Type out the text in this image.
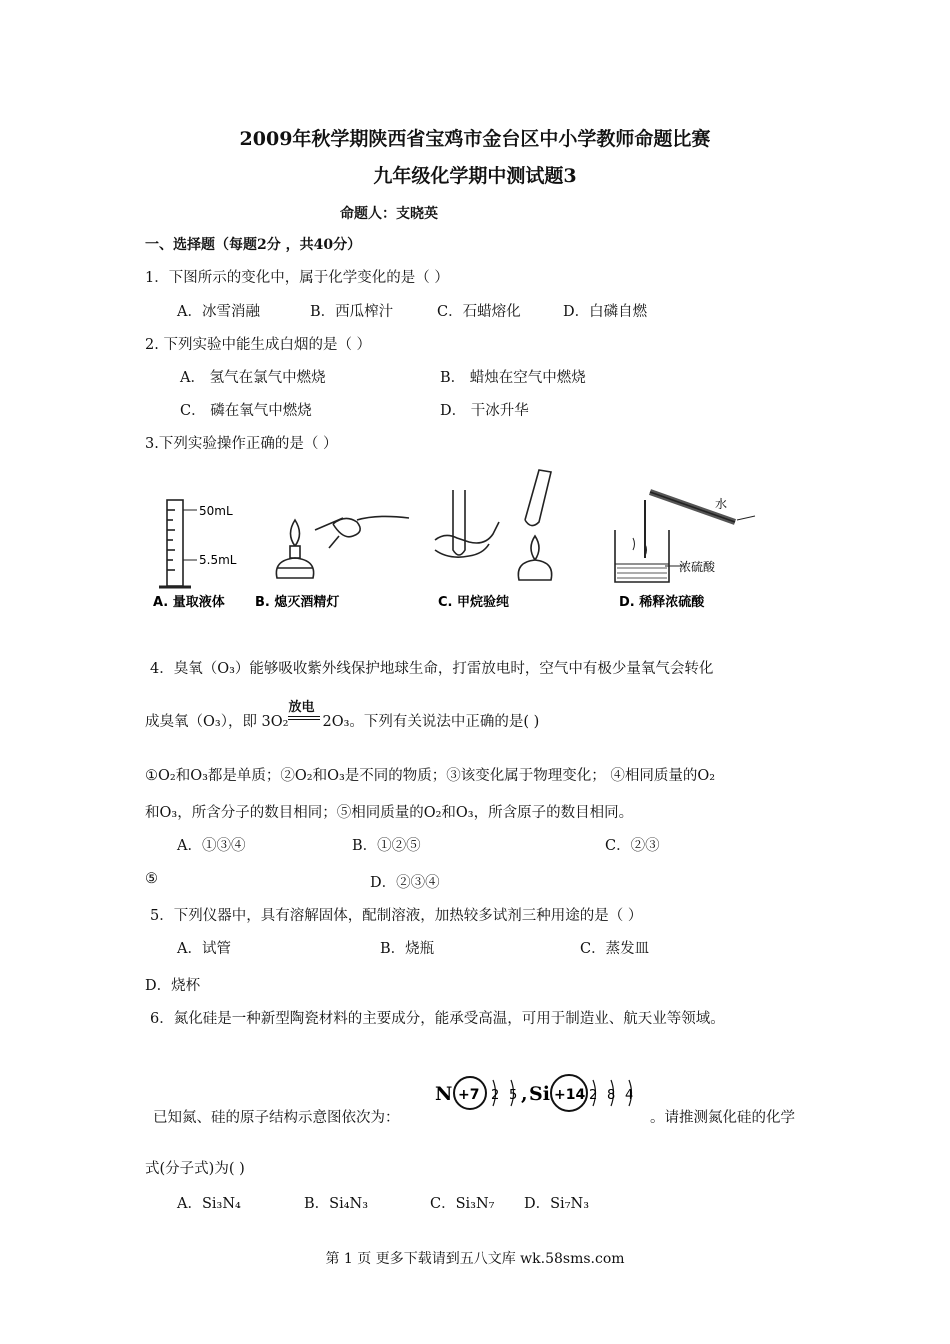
2009年秋学期陕西省宝鸡市金台区中小学教师命题比赛
九年级化学期中测试题3
命题人：支晓英
一、选择题（每题2分 ，共40分）
1．下图所示的变化中，属于化学变化的是（ ）
A．冰雪消融	B．西瓜榨汁	C．石蜡熔化	D．白磷自燃
2. 下列实验中能生成白烟的是（ ）
A． 氢气在氯气中燃烧	B． 蜡烛在空气中燃烧
C． 磷在氧气中燃烧	D． 干冰升华
3.下列实验操作正确的是（ ）
50mL
5.5mL
A. 量取液体 B. 熄灭酒精灯	C. 甲烷验纯
水
浓硫酸
D. 稀释浓硫酸
4．臭氧（O₃）能够吸收紫外线保护地球生命，打雷放电时，空气中有极少量氧气会转化
成臭氧（O₃），即 3O₂
放电
2O₃。下列有关说法中正确的是( )
①O₂和O₃都是单质；②O₂和O₃是不同的物质；③该变化属于物理变化； ④相同质量的O₂
和O₃，所含分子的数目相同；⑤相同质量的O₂和O₃，所含原子的数目相同。
A．①③④	B．①②⑤	C．②③
⑤	D．②③④
5．下列仪器中，具有溶解固体，配制溶液，加热较多试剂三种用途的是（ ）
A．试管	B．烧瓶	C．蒸发皿
D．烧杯
6．氮化硅是一种新型陶瓷材料的主要成分，能承受高温，可用于制造业、航天业等领域。
已知氮、硅的原子结构示意图依次为：
N +7 2 5 , Si +14 2 8 4
。请推测氮化硅的化学
式(分子式)为( )
A．Si₃N₄	B．Si₄N₃	C．Si₃N₇ D．Si₇N₃
第 1 页 更多下载请到五八文库 wk.58sms.com
